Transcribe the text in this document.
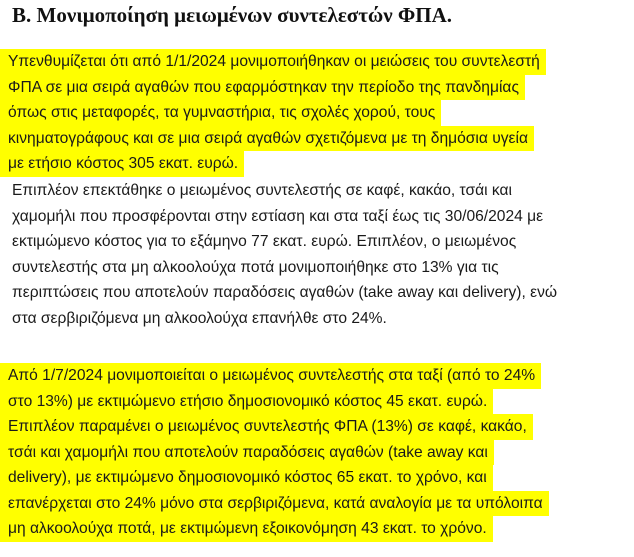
B. Μονιμοποίηση μειωμένων συντελεστών ΦΠΑ.
Υπενθυμίζεται ότι από 1/1/2024 μονιμοποιήθηκαν οι μειώσεις του συντελεστή
ΦΠΑ σε μια σειρά αγαθών που εφαρμόστηκαν την περίοδο της πανδημίας
όπως στις μεταφορές, τα γυμναστήρια, τις σχολές χορού, τους
κινηματογράφους και σε μια σειρά αγαθών σχετιζόμενα με τη δημόσια υγεία
με ετήσιο κόστος 305 εκατ. ευρώ.
Επιπλέον επεκτάθηκε ο μειωμένος συντελεστής σε καφέ, κακάο, τσάι και
χαμομήλι που προσφέρονται στην εστίαση και στα ταξί έως τις 30/06/2024 με
εκτιμώμενο κόστος για το εξάμηνο 77 εκατ. ευρώ. Επιπλέον, ο μειωμένος
συντελεστής στα μη αλκοολούχα ποτά μονιμοποιήθηκε στο 13% για τις
περιπτώσεις που αποτελούν παραδόσεις αγαθών (take away και delivery), ενώ
στα σερβιριζόμενα μη αλκοολούχα επανήλθε στο 24%.
Από 1/7/2024 μονιμοποιείται ο μειωμένος συντελεστής στα ταξί (από το 24%
στο 13%) με εκτιμώμενο ετήσιο δημοσιονομικό κόστος 45 εκατ. ευρώ.
Επιπλέον παραμένει ο μειωμένος συντελεστής ΦΠΑ (13%) σε καφέ, κακάο,
τσάι και χαμομήλι που αποτελούν παραδόσεις αγαθών (take away και
delivery), με εκτιμώμενο δημοσιονομικό κόστος 65 εκατ. το χρόνο, και
επανέρχεται στο 24% μόνο στα σερβιριζόμενα, κατά αναλογία με τα υπόλοιπα
μη αλκοολούχα ποτά, με εκτιμώμενη εξοικονόμηση 43 εκατ. το χρόνο.
